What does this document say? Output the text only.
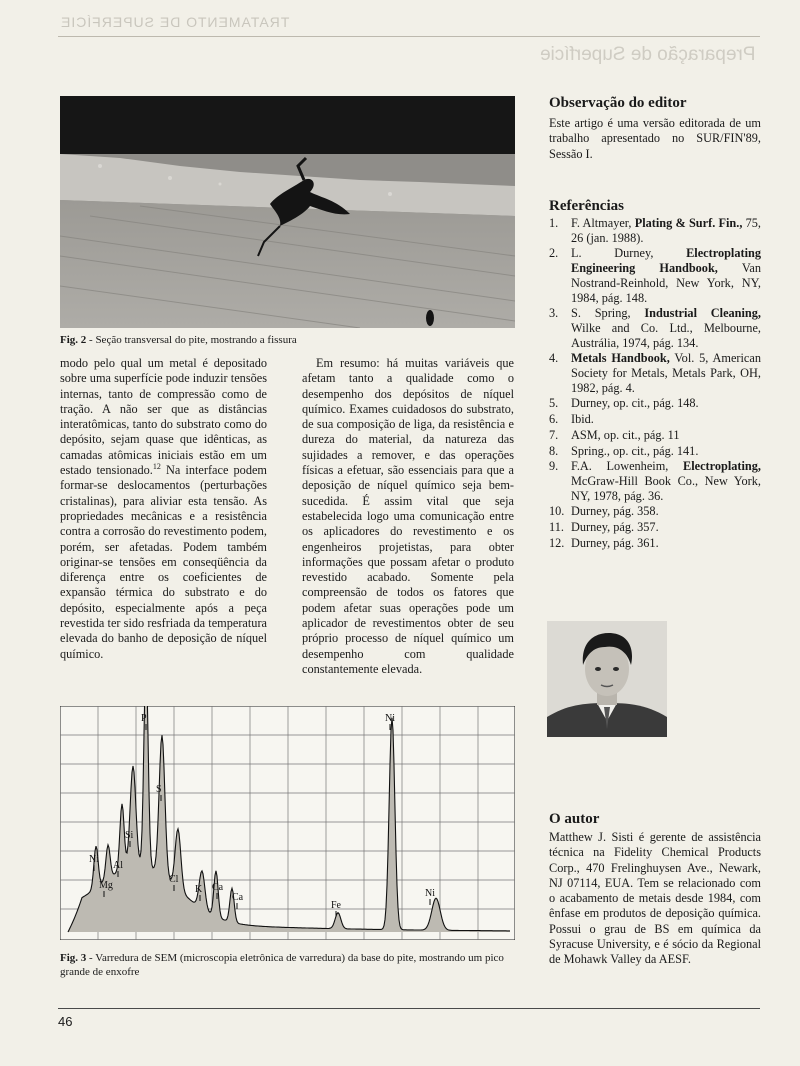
TRATAMENTO DE SUPERFÍCIE
Preparação de Superfície
Fig. 2 - Seção transversal do pite, mostrando a fissura
modo pelo qual um metal é depositado sobre uma superfície pode induzir tensões internas, tanto de compressão como de tração. A não ser que as distâncias interatômicas, tanto do substrato como do depósito, sejam quase que idênticas, as camadas atômicas iniciais estão em um estado tensionado.$^{12}$ Na interface podem formar-se deslocamentos (perturbações cristalinas), para aliviar esta tensão. As propriedades mecânicas e a resistência contra a corrosão do revestimento podem, porém, ser afetadas. Podem também originar-se tensões em conseqüência da diferença entre os coeficientes de expansão térmica do substrato e do depósito, especialmente após a peça revestida ter sido resfriada da temperatura elevada do banho de deposição de níquel químico.
Em resumo: há muitas variáveis que afetam tanto a qualidade como o desempenho dos depósitos de níquel químico. Exames cuidadosos do substrato, de sua composição de liga, da resistência e dureza do material, da natureza das sujidades a remover, e das operações físicas a efetuar, são essenciais para que a deposição de níquel químico seja bem-sucedida. É assim vital que seja estabelecida logo uma comunicação entre os aplicadores do revestimento e os engenheiros projetistas, para obter informações que possam afetar o produto revestido acabado. Somente pela compreensão de todos os fatores que podem afetar suas operações pode um aplicador de revestimentos obter de seu próprio processo de níquel químico um desempenho com qualidade constantemente elevada.
Observação do editor

Este artigo é uma versão editorada de um trabalho apresentado no SUR/FIN'89, Sessão I.

Referências
1.	F. Altmayer, Plating & Surf. Fin., 75, 26 (jan. 1988).
2.	L. Durney, Electroplating Engineering Handbook, Van Nostrand-Reinhold, New York, NY, 1984, pág. 148.
3.	S. Spring, Industrial Cleaning, Wilke and Co. Ltd., Melbourne, Austrália, 1974, pág. 134.
4.	Metals Handbook, Vol. 5, American Society for Metals, Metals Park, OH, 1982, pág. 4.
5.	Durney, op. cit., pág. 148.
6.	Ibid.
7.	ASM, op. cit., pág. 11
8.	Spring., op. cit., pág. 141.
9.	F.A. Lowenheim, Electroplating, McGraw-Hill Book Co., New York, NY, 1978, pág. 36.
10. Durney, pág. 358.
11. Durney, pág. 357.
12. Durney, pág. 361.
O autor

Matthew J. Sisti é gerente de assistência técnica na Fidelity Chemical Products Corp., 470 Frelinghuysen Ave., Newark, NJ 07114, EUA. Tem se relacionado com o acabamento de metais desde 1984, com ênfase em produtos de deposição química. Possui o grau de BS em química da Syracuse University, e é sócio da Regional de Mohawk Valley da AESF.

Ni
Mg
Al
Si
P
S
Cl
K Ca
Ca
Fe
Ni
Ni
Fig. 3 - Varredura de SEM (microscopia eletrônica de varredura) da base do pite, mostrando um pico grande de enxofre
46
